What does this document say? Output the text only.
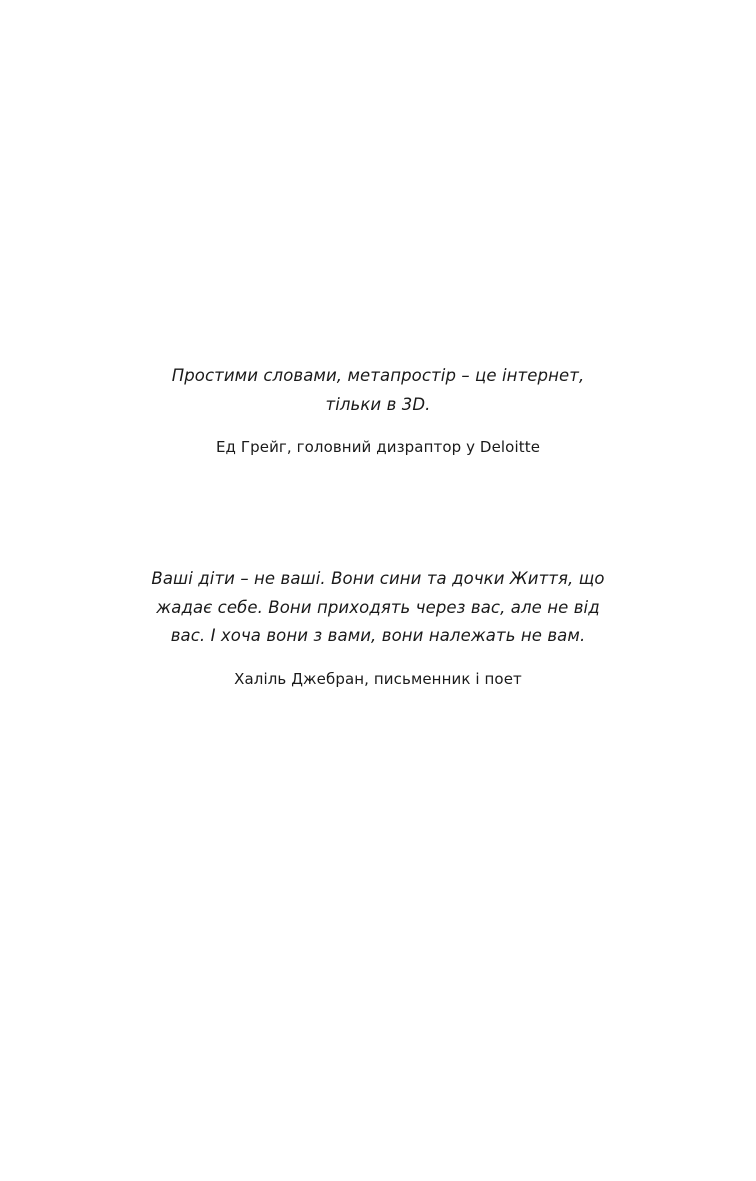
Простими словами, метапростір – це інтернет, тільки в 3D.

Ед Грейг, головний дизраптор у Deloitte

Ваші діти – не ваші. Вони сини та дочки Життя, що жадає себе. Вони приходять через вас, але не від вас. І хоча вони з вами, вони належать не вам.

Халіль Джебран, письменник і поет
